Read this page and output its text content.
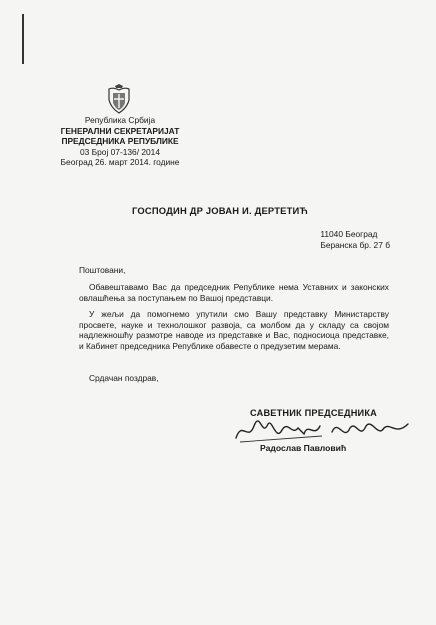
Република Србија
ГЕНЕРАЛНИ СЕКРЕТАРИЈАТ
ПРЕДСЕДНИКА РЕПУБЛИКЕ
03 Број 07-136/ 2014
Београд 26. март 2014. године
ГОСПОДИН ДР ЈОВАН И. ДЕРТЕТИЋ
11040 Београд
Беранска бр. 27 б
Поштовани,
Обавештавамо Вас да председник Републике нема Уставних и законских овлашћења за поступањем по Вашој представци.
У жељи да помогнемо упутили смо Вашу представку Министарству просвете, науке и технолошког развоја, са молбом да у складу са својом надлежношћу размотре наводе из представке и Вас, подносиоца представке, и Кабинет председника Републике обавесте о предузетим мерама.
Срдачан поздрав,
САВЕТНИК ПРЕДСЕДНИКА
Радослав Павловић
